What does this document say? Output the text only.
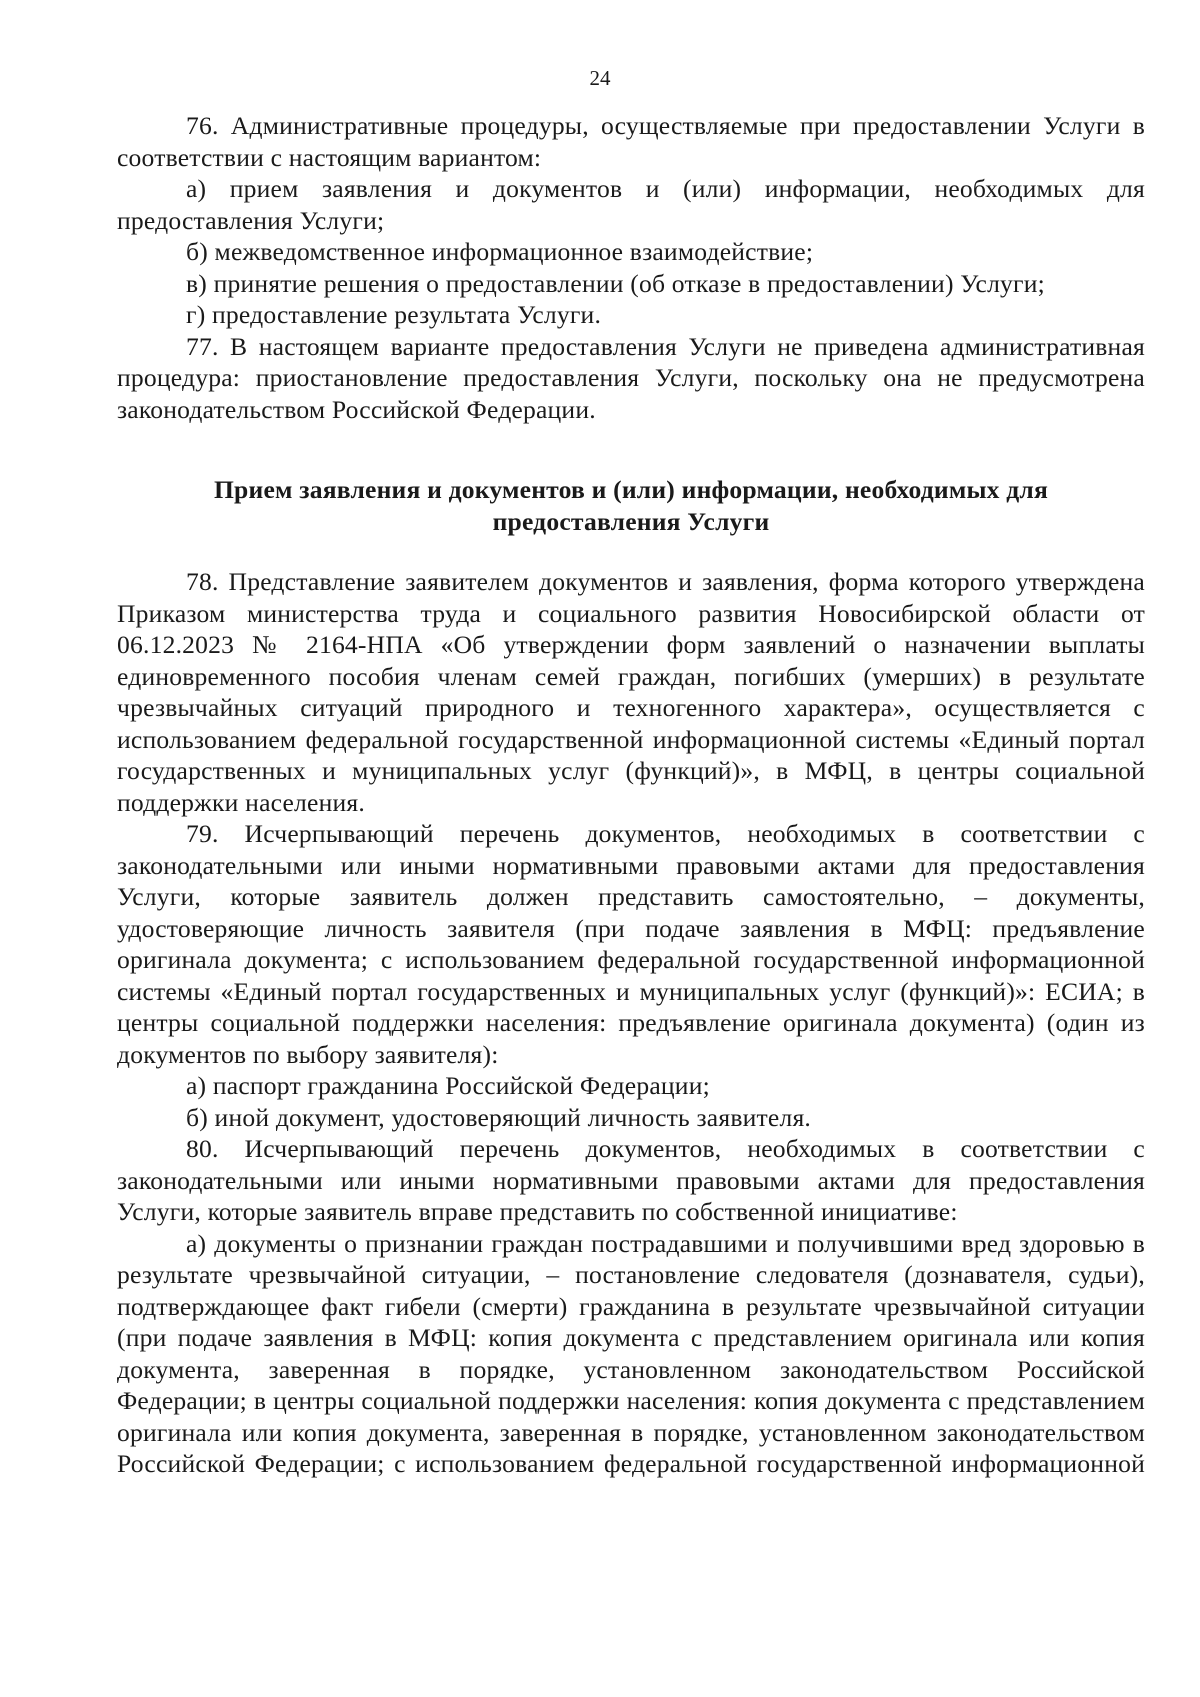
24

76. Административные процедуры, осуществляемые при предоставлении Услуги в соответствии с настоящим вариантом:

а) прием заявления и документов и (или) информации, необходимых для предоставления Услуги;

б) межведомственное информационное взаимодействие;

в) принятие решения о предоставлении (об отказе в предоставлении) Услуги;

г) предоставление результата Услуги.

77. В настоящем варианте предоставления Услуги не приведена административная процедура: приостановление предоставления Услуги, поскольку она не предусмотрена законодательством Российской Федерации.

Прием заявления и документов и (или) информации, необходимых для
предоставления Услуги

78. Представление заявителем документов и заявления, форма которого утверждена Приказом министерства труда и социального развития Новосибирской области от 06.12.2023 № 2164-НПА «Об утверждении форм заявлений о назначении выплаты единовременного пособия членам семей граждан, погибших (умерших) в результате чрезвычайных ситуаций природного и техногенного характера», осуществляется с использованием федеральной государственной информационной системы «Единый портал государственных и муниципальных услуг (функций)», в МФЦ, в центры социальной поддержки населения.

79. Исчерпывающий перечень документов, необходимых в соответствии с законодательными или иными нормативными правовыми актами для предоставления Услуги, которые заявитель должен представить самостоятельно, – документы, удостоверяющие личность заявителя (при подаче заявления в МФЦ: предъявление оригинала документа; с использованием федеральной государственной информационной системы «Единый портал государственных и муниципальных услуг (функций)»: ЕСИА; в центры социальной поддержки населения: предъявление оригинала документа) (один из документов по выбору заявителя):

а) паспорт гражданина Российской Федерации;

б) иной документ, удостоверяющий личность заявителя.

80. Исчерпывающий перечень документов, необходимых в соответствии с законодательными или иными нормативными правовыми актами для предоставления Услуги, которые заявитель вправе представить по собственной инициативе:

а) документы о признании граждан пострадавшими и получившими вред здоровью в результате чрезвычайной ситуации, – постановление следователя (дознавателя, судьи), подтверждающее факт гибели (смерти) гражданина в результате чрезвычайной ситуации (при подаче заявления в МФЦ: копия документа с представлением оригинала или копия документа, заверенная в порядке, установленном законодательством Российской Федерации; в центры социальной поддержки населения: копия документа с представлением оригинала или копия документа, заверенная в порядке, установленном законодательством Российской Федерации; с использованием федеральной государственной информационной
